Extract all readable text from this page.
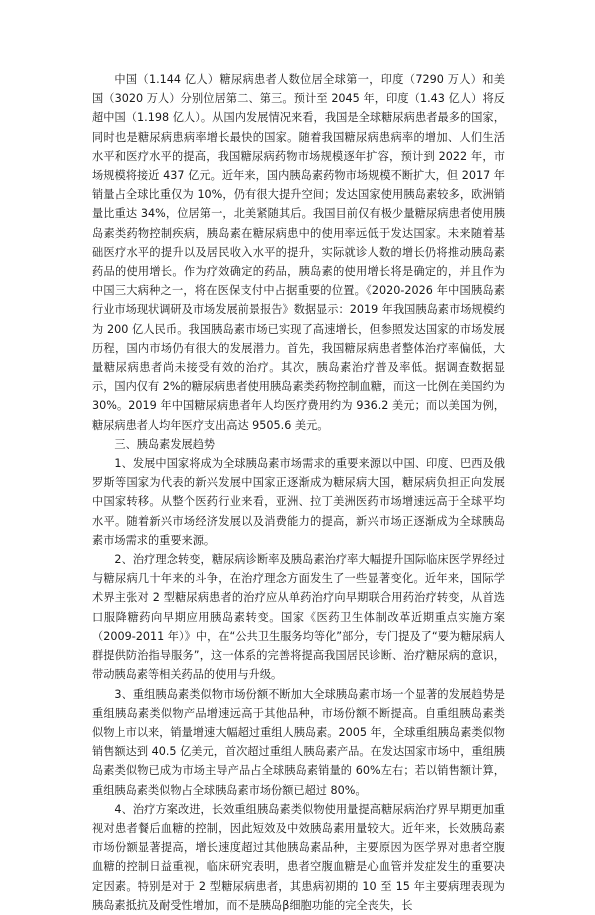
中国（1.144 亿人）糖尿病患者人数位居全球第一，印度（7290 万人）和美国（3020 万人）分别位居第二、第三。预计至 2045 年，印度（1.43 亿人）将反超中国（1.198 亿人）。从国内发展情况来看，我国是全球糖尿病患者最多的国家，同时也是糖尿病患病率增长最快的国家。随着我国糖尿病患病率的增加、人们生活水平和医疗水平的提高，我国糖尿病药物市场规模逐年扩容，预计到 2022 年，市场规模将接近 437 亿元。近年来，国内胰岛素药物市场规模不断扩大，但 2017 年销量占全球比重仅为 10%，仍有很大提升空间；发达国家使用胰岛素较多，欧洲销量比重达 34%，位居第一，北美紧随其后。我国目前仅有极少量糖尿病患者使用胰岛素类药物控制疾病，胰岛素在糖尿病患中的使用率远低于发达国家。未来随着基础医疗水平的提升以及居民收入水平的提升，实际就诊人数的增长仍将推动胰岛素药品的使用增长。作为疗效确定的药品，胰岛素的使用增长将是确定的，并且作为中国三大病种之一，将在医保支付中占据重要的位置。《2020-2026 年中国胰岛素行业市场现状调研及市场发展前景报告》数据显示：2019 年我国胰岛素市场规模约为 200 亿人民币。我国胰岛素市场已实现了高速增长，但参照发达国家的市场发展历程，国内市场仍有很大的发展潜力。首先，我国糖尿病患者整体治疗率偏低，大量糖尿病患者尚未接受有效的治疗。其次，胰岛素治疗普及率低。据调查数据显示，国内仅有 2%的糖尿病患者使用胰岛素类药物控制血糖，而这一比例在美国约为 30%。2019 年中国糖尿病患者年人均医疗费用约为 936.2 美元；而以美国为例，糖尿病患者人均年医疗支出高达 9505.6 美元。

三、胰岛素发展趋势

1、发展中国家将成为全球胰岛素市场需求的重要来源以中国、印度、巴西及俄罗斯等国家为代表的新兴发展中国家正逐渐成为糖尿病大国，糖尿病负担正向发展中国家转移。从整个医药行业来看，亚洲、拉丁美洲医药市场增速远高于全球平均水平。随着新兴市场经济发展以及消费能力的提高，新兴市场正逐渐成为全球胰岛素市场需求的重要来源。

2、治疗理念转变，糖尿病诊断率及胰岛素治疗率大幅提升国际临床医学界经过与糖尿病几十年来的斗争，在治疗理念方面发生了一些显著变化。近年来，国际学术界主张对 2 型糖尿病患者的治疗应从单药治疗向早期联合用药治疗转变，从首选口服降糖药向早期应用胰岛素转变。国家《医药卫生体制改革近期重点实施方案（2009-2011 年）》中，在“公共卫生服务均等化”部分，专门提及了“要为糖尿病人群提供防治指导服务”，这一体系的完善将提高我国居民诊断、治疗糖尿病的意识，带动胰岛素等相关药品的使用与升级。

3、重组胰岛素类似物市场份额不断加大全球胰岛素市场一个显著的发展趋势是重组胰岛素类似物产品增速远高于其他品种，市场份额不断提高。自重组胰岛素类似物上市以来，销量增速大幅超过重组人胰岛素。2005 年，全球重组胰岛素类似物销售额达到 40.5 亿美元，首次超过重组人胰岛素产品。在发达国家市场中，重组胰岛素类似物已成为市场主导产品占全球胰岛素销量的 60%左右；若以销售额计算，重组胰岛素类似物占全球胰岛素市场份额已超过 80%。

4、治疗方案改进，长效重组胰岛素类似物使用量提高糖尿病治疗界早期更加重视对患者餐后血糖的控制，因此短效及中效胰岛素用量较大。近年来，长效胰岛素市场份额显著提高，增长速度超过其他胰岛素品种，主要原因为医学界对患者空腹血糖的控制日益重视，临床研究表明，患者空腹血糖是心血管并发症发生的重要决定因素。特别是对于 2 型糖尿病患者，其患病初期的 10 至 15 年主要病理表现为胰岛素抵抗及耐受性增加，而不是胰岛β细胞功能的完全丧失，长
